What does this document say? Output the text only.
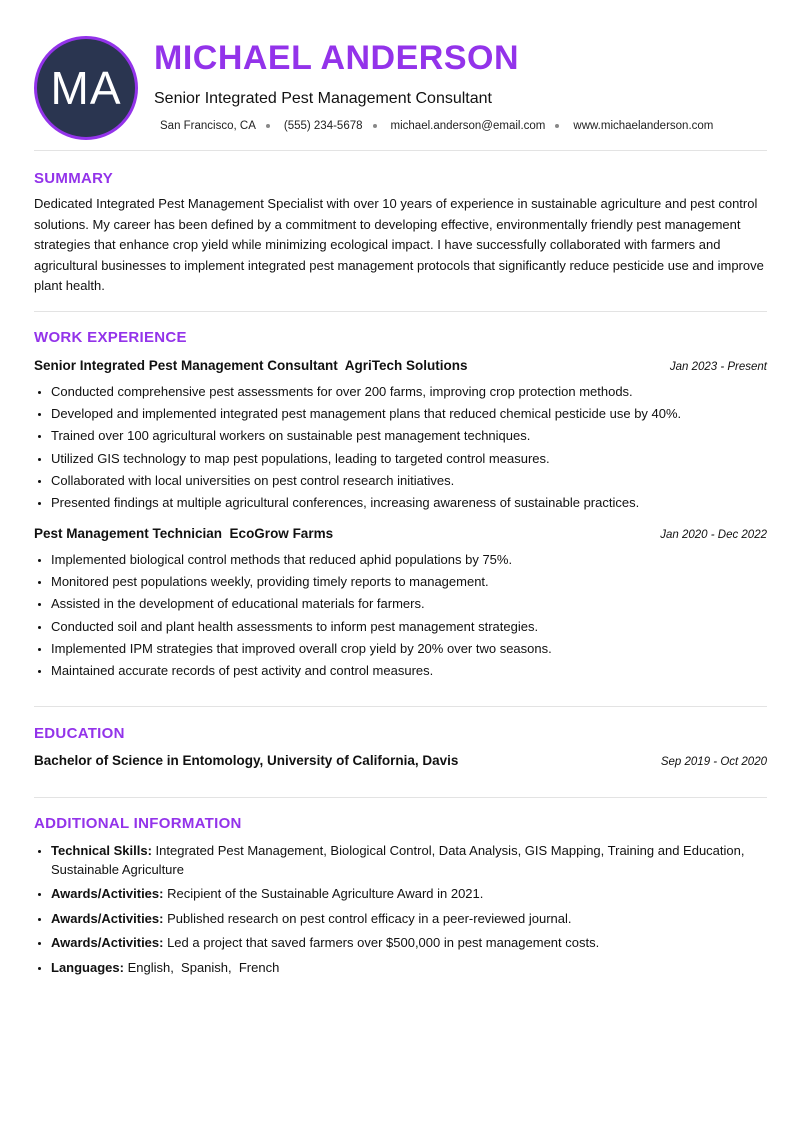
MA
MICHAEL ANDERSON
Senior Integrated Pest Management Consultant
San Francisco, CA (555) 234-5678 michael.anderson@email.com www.michaelanderson.com
SUMMARY
Dedicated Integrated Pest Management Specialist with over 10 years of experience in sustainable agriculture and pest control solutions. My career has been defined by a commitment to developing effective, environmentally friendly pest management strategies that enhance crop yield while minimizing ecological impact. I have successfully collaborated with farmers and agricultural businesses to implement integrated pest management protocols that significantly reduce pesticide use and improve plant health.
WORK EXPERIENCE
Senior Integrated Pest Management Consultant  AgriTech Solutions	Jan 2023 - Present
• Conducted comprehensive pest assessments for over 200 farms, improving crop protection methods.
• Developed and implemented integrated pest management plans that reduced chemical pesticide use by 40%.
• Trained over 100 agricultural workers on sustainable pest management techniques.
• Utilized GIS technology to map pest populations, leading to targeted control measures.
• Collaborated with local universities on pest control research initiatives.
• Presented findings at multiple agricultural conferences, increasing awareness of sustainable practices.
Pest Management Technician  EcoGrow Farms	Jan 2020 - Dec 2022
• Implemented biological control methods that reduced aphid populations by 75%.
• Monitored pest populations weekly, providing timely reports to management.
• Assisted in the development of educational materials for farmers.
• Conducted soil and plant health assessments to inform pest management strategies.
• Implemented IPM strategies that improved overall crop yield by 20% over two seasons.
• Maintained accurate records of pest activity and control measures.
EDUCATION
Bachelor of Science in Entomology, University of California, Davis	Sep 2019 - Oct 2020
ADDITIONAL INFORMATION
• Technical Skills: Integrated Pest Management, Biological Control, Data Analysis, GIS Mapping, Training and Education, Sustainable Agriculture
• Awards/Activities: Recipient of the Sustainable Agriculture Award in 2021.
• Awards/Activities: Published research on pest control efficacy in a peer-reviewed journal.
• Awards/Activities: Led a project that saved farmers over $500,000 in pest management costs.
• Languages: English,  Spanish,  French
